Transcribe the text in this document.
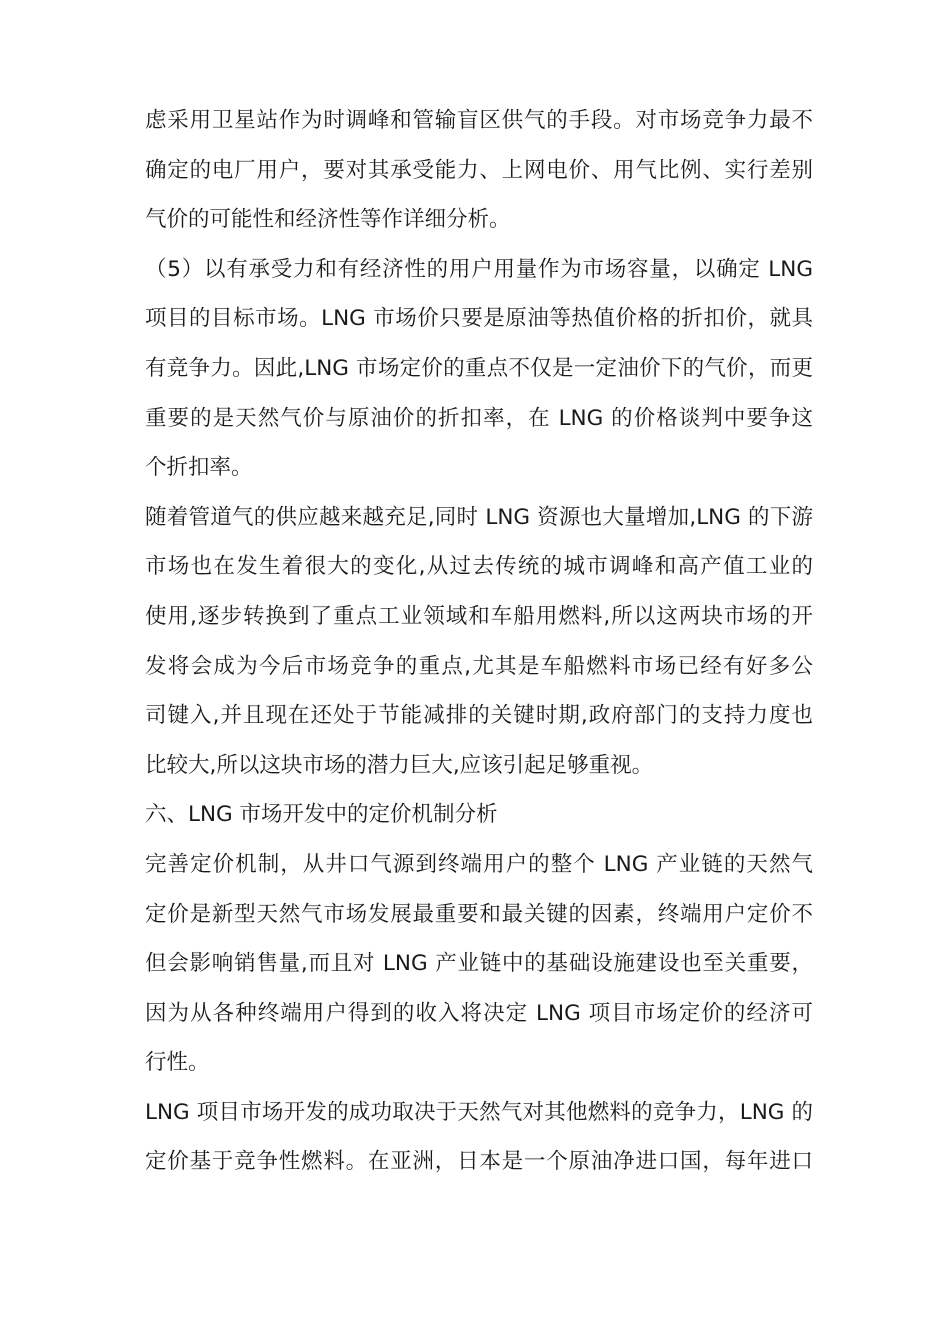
虑采用卫星站作为时调峰和管输盲区供气的手段。对市场竞争力最不
确定的电厂用户，要对其承受能力、上网电价、用气比例、实行差别
气价的可能性和经济性等作详细分析。
（5）以有承受力和有经济性的用户用量作为市场容量，以确定 LNG
项目的目标市场。LNG 市场价只要是原油等热值价格的折扣价，就具
有竞争力。因此,LNG 市场定价的重点不仅是一定油价下的气价，而更
重要的是天然气价与原油价的折扣率，在 LNG 的价格谈判中要争这
个折扣率。
随着管道气的供应越来越充足,同时 LNG 资源也大量增加,LNG 的下游
市场也在发生着很大的变化,从过去传统的城市调峰和高产值工业的
使用,逐步转换到了重点工业领域和车船用燃料,所以这两块市场的开
发将会成为今后市场竞争的重点,尤其是车船燃料市场已经有好多公
司键入,并且现在还处于节能减排的关键时期,政府部门的支持力度也
比较大,所以这块市场的潜力巨大,应该引起足够重视。
六、LNG 市场开发中的定价机制分析
完善定价机制，从井口气源到终端用户的整个 LNG 产业链的天然气
定价是新型天然气市场发展最重要和最关键的因素，终端用户定价不
但会影响销售量,而且对 LNG 产业链中的基础设施建设也至关重要，
因为从各种终端用户得到的收入将决定 LNG 项目市场定价的经济可
行性。
LNG 项目市场开发的成功取决于天然气对其他燃料的竞争力，LNG 的
定价基于竞争性燃料。在亚洲，日本是一个原油净进口国，每年进口
